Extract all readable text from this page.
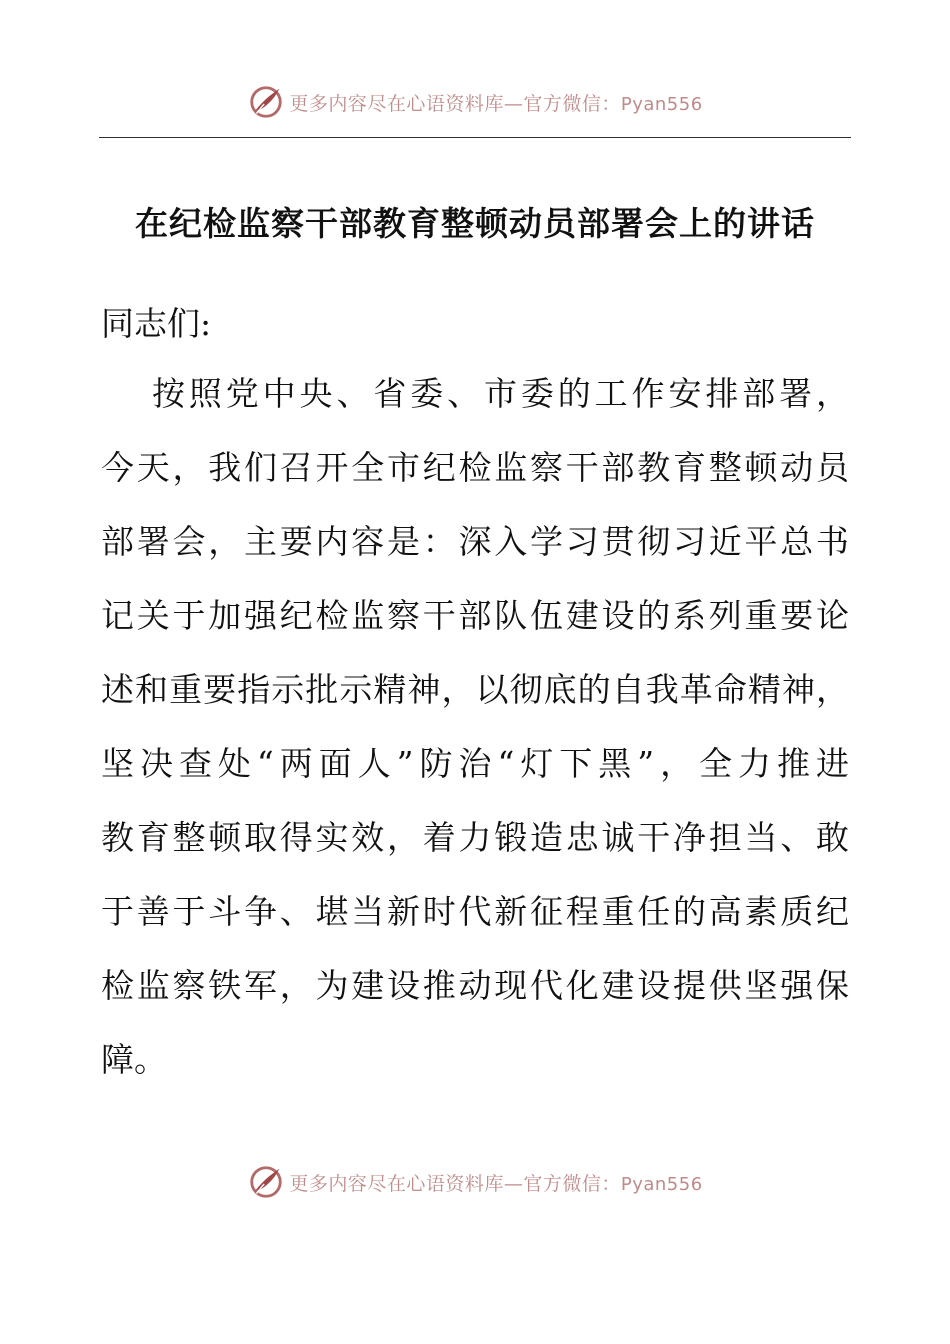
更多内容尽在心语资料库—官方微信：Pyan556
在纪检监察干部教育整顿动员部署会上的讲话

同志们:

按照党中央、省委、市委的工作安排部署，

今天，我们召开全市纪检监察干部教育整顿动员

部署会，主要内容是：深入学习贯彻习近平总书

记关于加强纪检监察干部队伍建设的系列重要论

述和重要指示批示精神，以彻底的自我革命精神，

坚决查处“两面人”防治“灯下黑”，全力推进

教育整顿取得实效，着力锻造忠诚干净担当、敢

于善于斗争、堪当新时代新征程重任的高素质纪

检监察铁军，为建设推动现代化建设提供坚强保

障。

更多内容尽在心语资料库—官方微信：Pyan556
